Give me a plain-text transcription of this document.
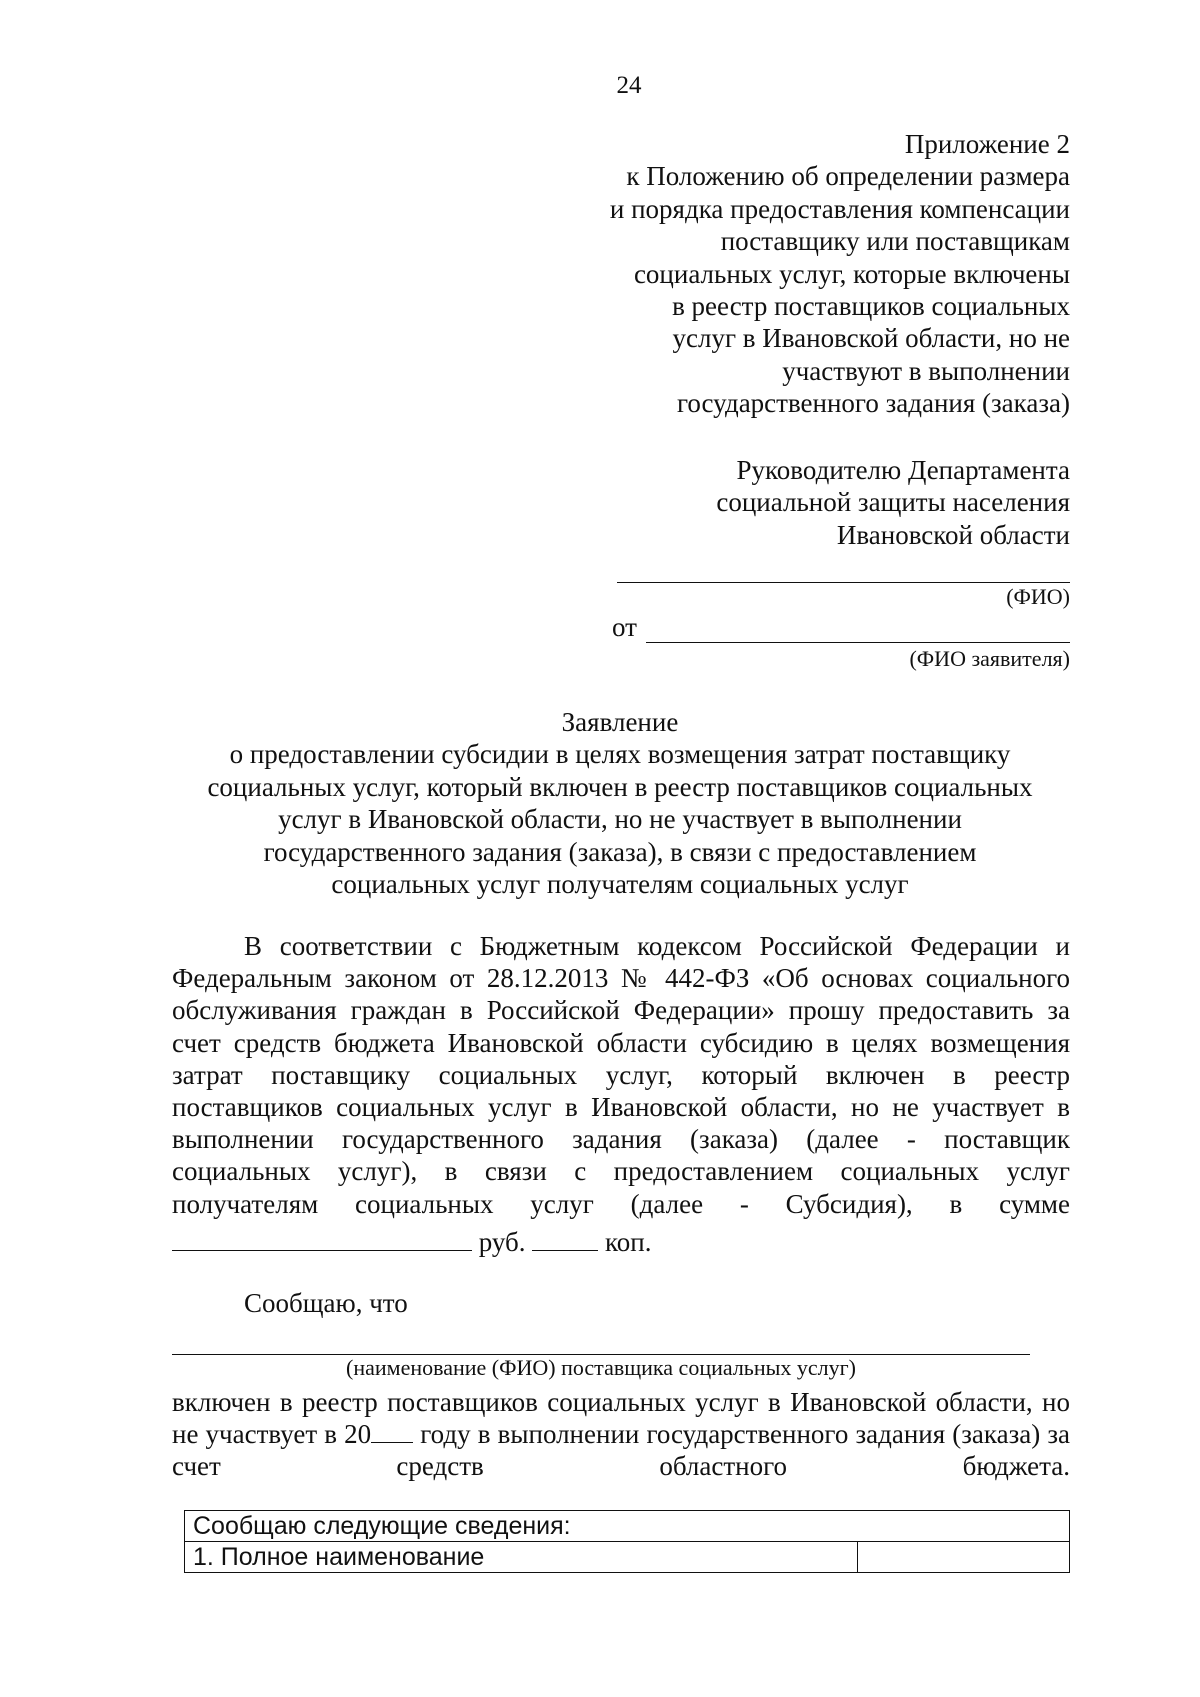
24
Приложение 2
к Положению об определении размера
и порядка предоставления компенсации
поставщику или поставщикам
социальных услуг, которые включены
в реестр поставщиков социальных
услуг в Ивановской области, но не
участвуют в выполнении
государственного задания (заказа)
Руководителю Департамента
социальной защиты населения
Ивановской области
(ФИО)
от
(ФИО заявителя)
Заявление
о предоставлении субсидии в целях возмещения затрат поставщику
социальных услуг, который включен в реестр поставщиков социальных
услуг в Ивановской области, но не участвует в выполнении
государственного задания (заказа), в связи с предоставлением
социальных услуг получателям социальных услуг
В соответствии с Бюджетным кодексом Российской Федерации и Федеральным законом от 28.12.2013 № 442-ФЗ «Об основах социального обслуживания граждан в Российской Федерации» прошу предоставить за счет средств бюджета Ивановской области субсидию в целях возмещения затрат поставщику социальных услуг, который включен в реестр поставщиков социальных услуг в Ивановской области, но не участвует в выполнении государственного задания (заказа) (далее - поставщик социальных услуг), в связи с предоставлением социальных услуг получателям социальных услуг (далее - Субсидия), в сумме
руб.	коп.
Сообщаю, что
(наименование (ФИО) поставщика социальных услуг)
включен в реестр поставщиков социальных услуг в Ивановской области, но не участвует в 20 году в выполнении государственного задания (заказа) за счет средств областного бюджета.
Сообщаю следующие сведения:
1. Полное наименование	
